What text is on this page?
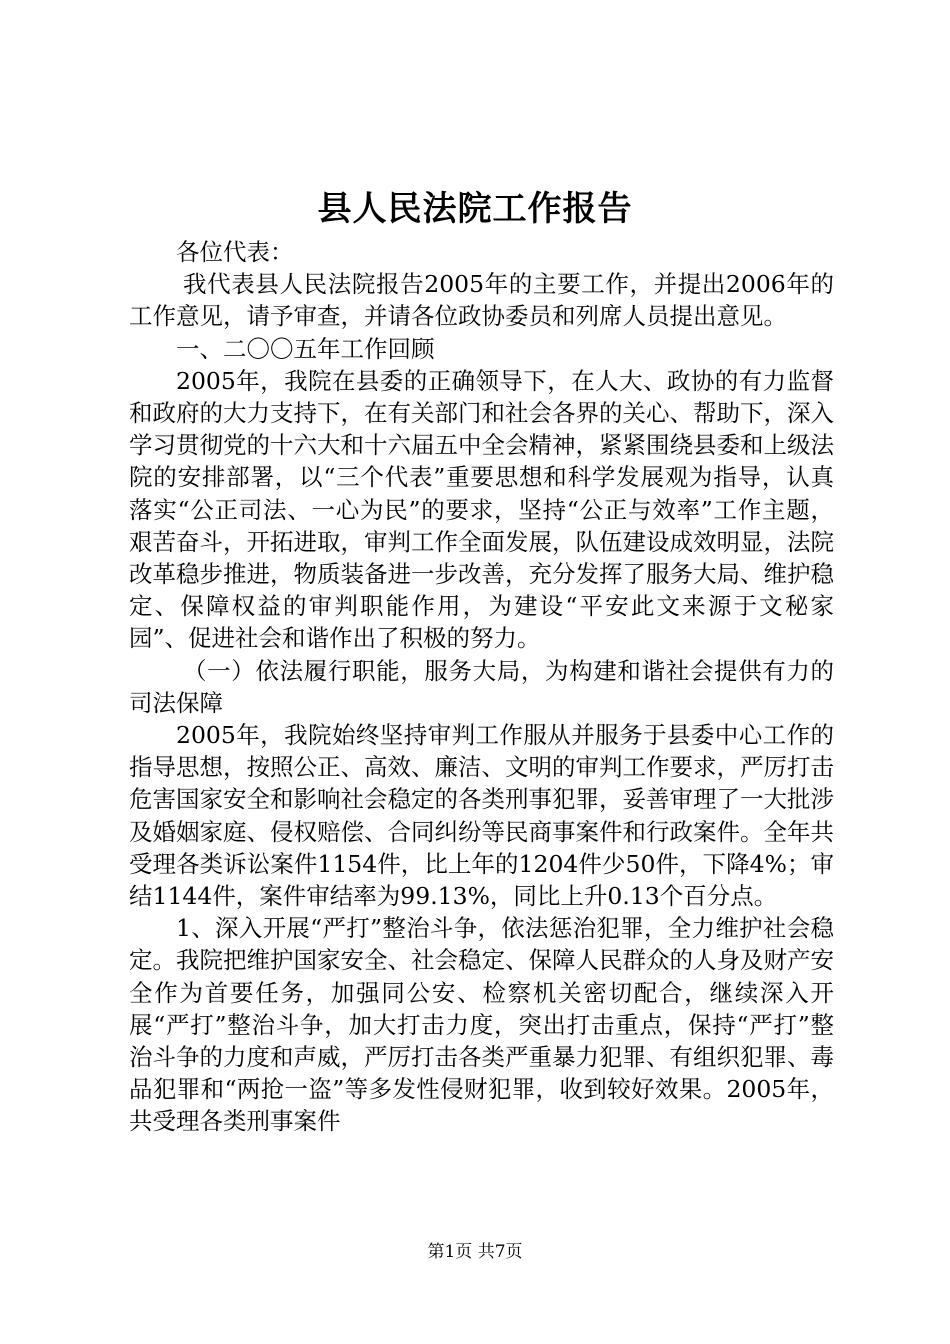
县人民法院工作报告

各位代表：

我代表县人民法院报告2005年的主要工作，并提出2006年的工作意见，请予审查，并请各位政协委员和列席人员提出意见。

一、二〇〇五年工作回顾

2005年，我院在县委的正确领导下，在人大、政协的有力监督和政府的大力支持下，在有关部门和社会各界的关心、帮助下，深入学习贯彻党的十六大和十六届五中全会精神，紧紧围绕县委和上级法院的安排部署，以“三个代表”重要思想和科学发展观为指导，认真落实“公正司法、一心为民”的要求，坚持“公正与效率”工作主题，艰苦奋斗，开拓进取，审判工作全面发展，队伍建设成效明显，法院改革稳步推进，物质装备进一步改善，充分发挥了服务大局、维护稳定、保障权益的审判职能作用，为建设“平安此文来源于文秘家园”、促进社会和谐作出了积极的努力。

（一）依法履行职能，服务大局，为构建和谐社会提供有力的司法保障

2005年，我院始终坚持审判工作服从并服务于县委中心工作的指导思想，按照公正、高效、廉洁、文明的审判工作要求，严厉打击危害国家安全和影响社会稳定的各类刑事犯罪，妥善审理了一大批涉及婚姻家庭、侵权赔偿、合同纠纷等民商事案件和行政案件。全年共受理各类诉讼案件1154件，比上年的1204件少50件，下降4%；审结1144件，案件审结率为99.13%，同比上升0.13个百分点。

1、深入开展“严打”整治斗争，依法惩治犯罪，全力维护社会稳定。我院把维护国家安全、社会稳定、保障人民群众的人身及财产安全作为首要任务，加强同公安、检察机关密切配合，继续深入开展“严打”整治斗争，加大打击力度，突出打击重点，保持“严打”整治斗争的力度和声威，严厉打击各类严重暴力犯罪、有组织犯罪、毒品犯罪和“两抢一盗”等多发性侵财犯罪，收到较好效果。2005年，共受理各类刑事案件

第1页 共7页
